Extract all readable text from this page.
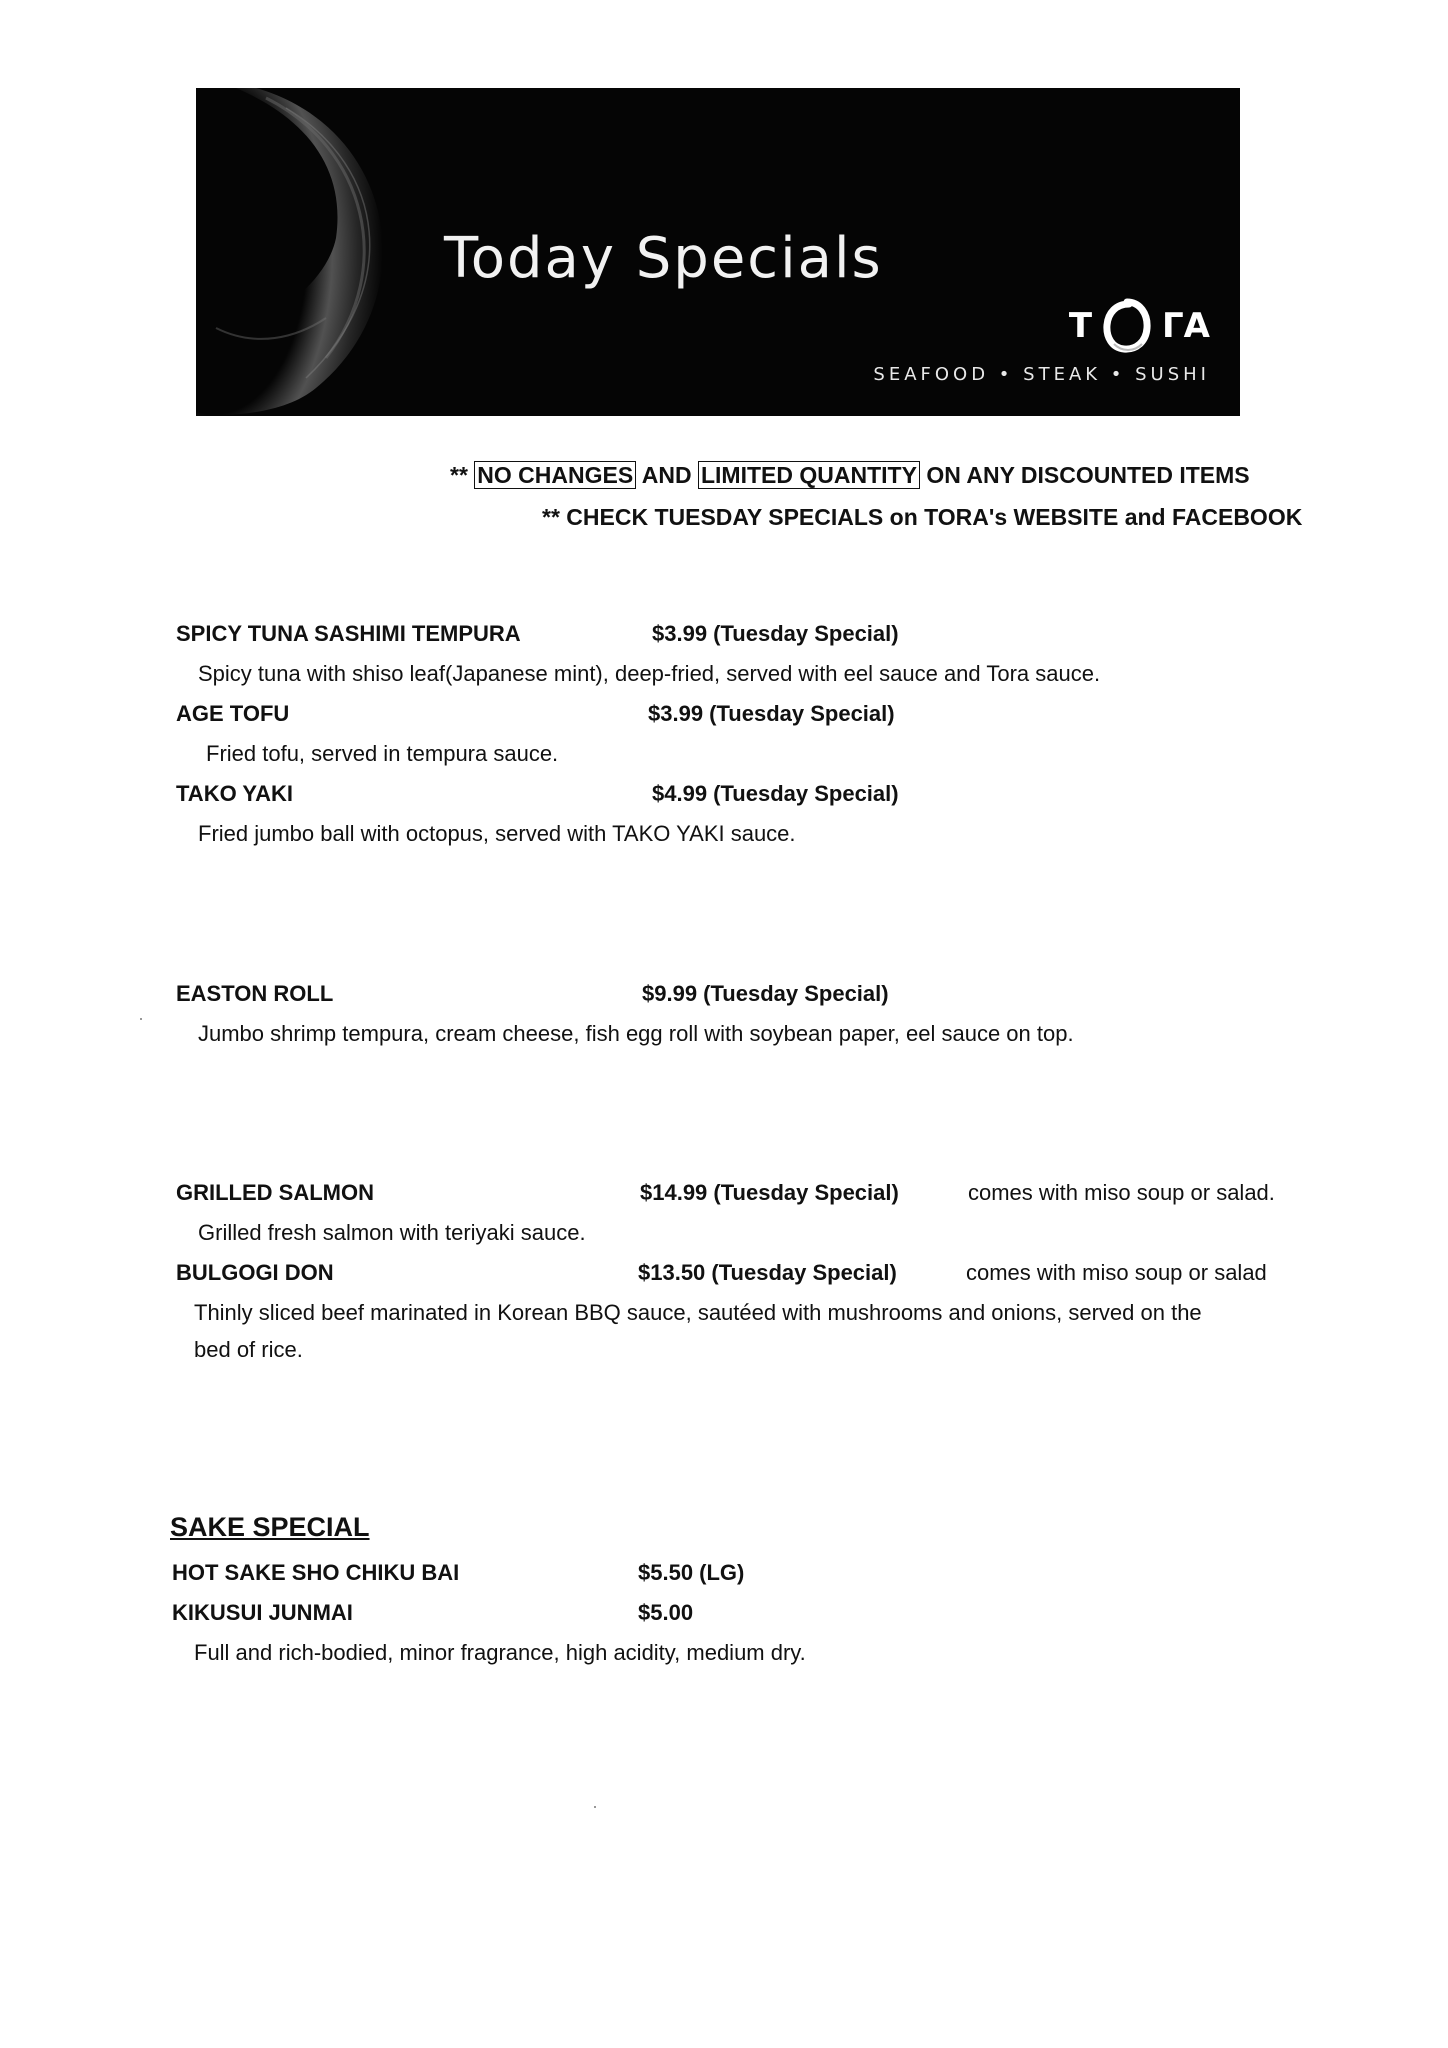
Today Specials
T ΓΑ
SEAFOOD • STEAK • SUSHI
** NO CHANGES AND LIMITED QUANTITY ON ANY DISCOUNTED ITEMS
** CHECK TUESDAY SPECIALS on TORA's WEBSITE and FACEBOOK
SPICY TUNA SASHIMI TEMPURA	$3.99 (Tuesday Special)
Spicy tuna with shiso leaf(Japanese mint), deep-fried, served with eel sauce and Tora sauce.
AGE TOFU	$3.99 (Tuesday Special)
Fried tofu, served in tempura sauce.
TAKO YAKI	$4.99 (Tuesday Special)
Fried jumbo ball with octopus, served with TAKO YAKI sauce.
EASTON ROLL	$9.99 (Tuesday Special)
Jumbo shrimp tempura, cream cheese, fish egg roll with soybean paper, eel sauce on top.
GRILLED SALMON	$14.99 (Tuesday Special)	comes with miso soup or salad.
Grilled fresh salmon with teriyaki sauce.
BULGOGI DON	$13.50 (Tuesday Special)	comes with miso soup or salad
Thinly sliced beef marinated in Korean BBQ sauce, sautéed with mushrooms and onions, served on the
bed of rice.
SAKE SPECIAL
HOT SAKE SHO CHIKU BAI	$5.50 (LG)
KIKUSUI JUNMAI	$5.00
Full and rich-bodied, minor fragrance, high acidity, medium dry.
